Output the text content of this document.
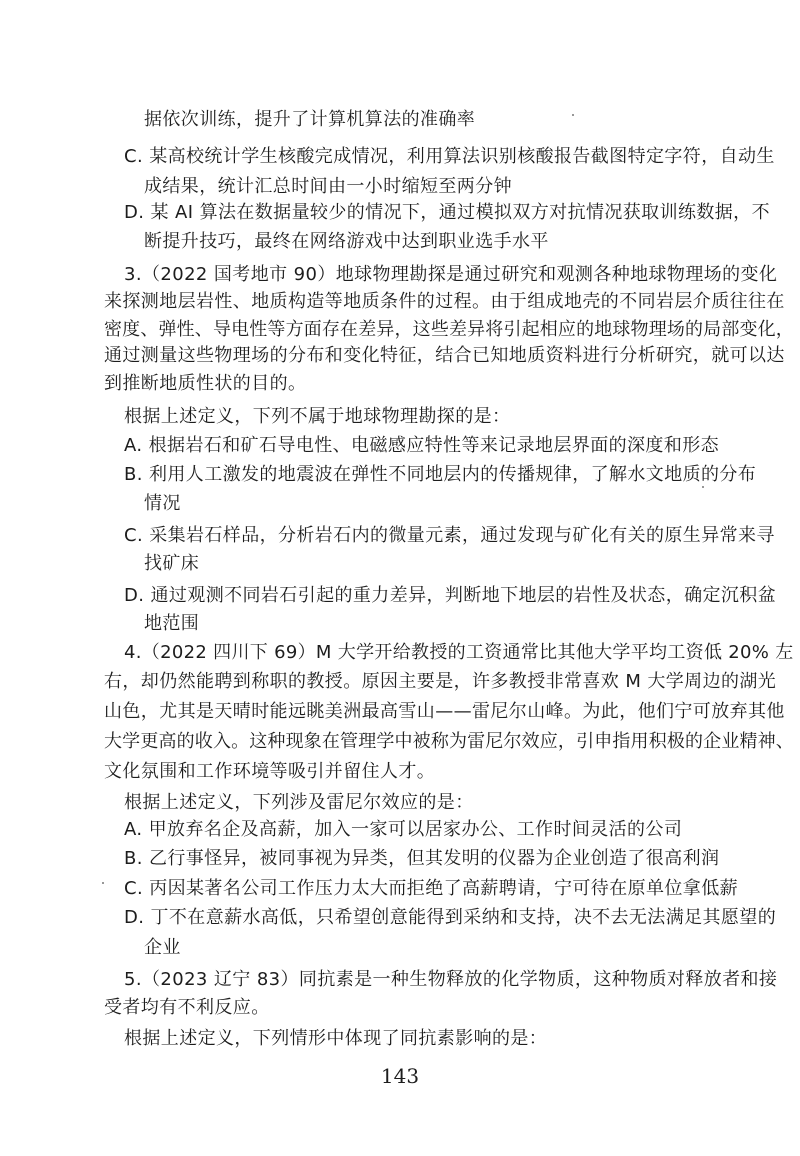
据依次训练，提升了计算机算法的准确率
C. 某高校统计学生核酸完成情况，利用算法识别核酸报告截图特定字符，自动生
成结果，统计汇总时间由一小时缩短至两分钟
D. 某 AI 算法在数据量较少的情况下，通过模拟双方对抗情况获取训练数据，不
断提升技巧，最终在网络游戏中达到职业选手水平
3.（2022 国考地市 90）地球物理勘探是通过研究和观测各种地球物理场的变化
来探测地层岩性、地质构造等地质条件的过程。由于组成地壳的不同岩层介质往往在
密度、弹性、导电性等方面存在差异，这些差异将引起相应的地球物理场的局部变化，
通过测量这些物理场的分布和变化特征，结合已知地质资料进行分析研究，就可以达
到推断地质性状的目的。
根据上述定义，下列不属于地球物理勘探的是：
A. 根据岩石和矿石导电性、电磁感应特性等来记录地层界面的深度和形态
B. 利用人工激发的地震波在弹性不同地层内的传播规律，了解水文地质的分布
情况
C. 采集岩石样品，分析岩石内的微量元素，通过发现与矿化有关的原生异常来寻
找矿床
D. 通过观测不同岩石引起的重力差异，判断地下地层的岩性及状态，确定沉积盆
地范围
4.（2022 四川下 69）M 大学开给教授的工资通常比其他大学平均工资低 20% 左
右，却仍然能聘到称职的教授。原因主要是，许多教授非常喜欢 M 大学周边的湖光
山色，尤其是天晴时能远眺美洲最高雪山——雷尼尔山峰。为此，他们宁可放弃其他
大学更高的收入。这种现象在管理学中被称为雷尼尔效应，引申指用积极的企业精神、
文化氛围和工作环境等吸引并留住人才。
根据上述定义，下列涉及雷尼尔效应的是：
A. 甲放弃名企及高薪，加入一家可以居家办公、工作时间灵活的公司
B. 乙行事怪异，被同事视为异类，但其发明的仪器为企业创造了很高利润
C. 丙因某著名公司工作压力太大而拒绝了高薪聘请，宁可待在原单位拿低薪
D. 丁不在意薪水高低，只希望创意能得到采纳和支持，决不去无法满足其愿望的
企业
5.（2023 辽宁 83）同抗素是一种生物释放的化学物质，这种物质对释放者和接
受者均有不利反应。
根据上述定义，下列情形中体现了同抗素影响的是：
143
